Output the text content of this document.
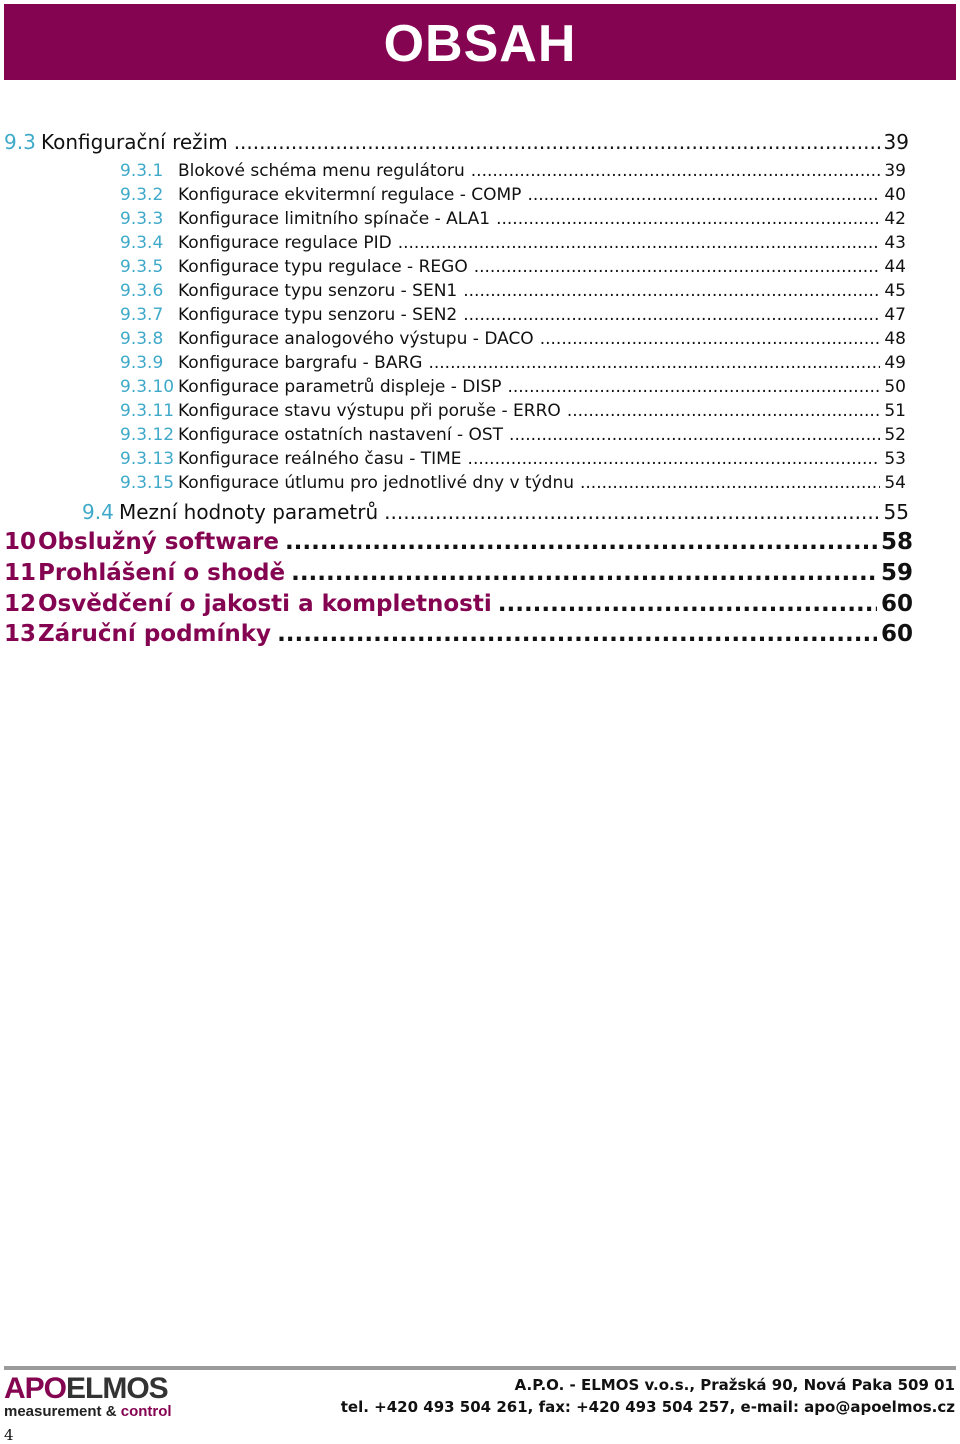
OBSAH
9.3 Konfigurační režim .....	39
9.3.1 Blokové schéma menu regulátoru .....	39
9.3.2 Konfigurace ekvitermní regulace - COMP .....	40
9.3.3 Konfigurace limitního spínače - ALA1 .....	42
9.3.4 Konfigurace regulace PID .....	43
9.3.5 Konfigurace typu regulace - REGO .....	44
9.3.6 Konfigurace typu senzoru - SEN1 .....	45
9.3.7 Konfigurace typu senzoru - SEN2 .....	47
9.3.8 Konfigurace analogového výstupu - DACO .....	48
9.3.9 Konfigurace bargrafu - BARG .....	49
9.3.10 Konfigurace parametrů displeje - DISP .....	50
9.3.11 Konfigurace stavu výstupu při poruše - ERRO .....	51
9.3.12 Konfigurace ostatních nastavení - OST .....	52
9.3.13 Konfigurace reálného času - TIME .....	53
9.3.15 Konfigurace útlumu pro jednotlivé dny v týdnu .....	54
9.4 Mezní hodnoty parametrů .....	55
10 Obslužný software .....	58
11 Prohlášení o shodě .....	59
12 Osvědčení o jakosti a kompletnosti .....	60
13 Záruční podmínky .....	60
APOELMOS
measurement & control
A.P.O. - ELMOS v.o.s., Pražská 90, Nová Paka 509 01
tel. +420 493 504 261, fax: +420 493 504 257, e-mail: apo@apoelmos.cz
4
